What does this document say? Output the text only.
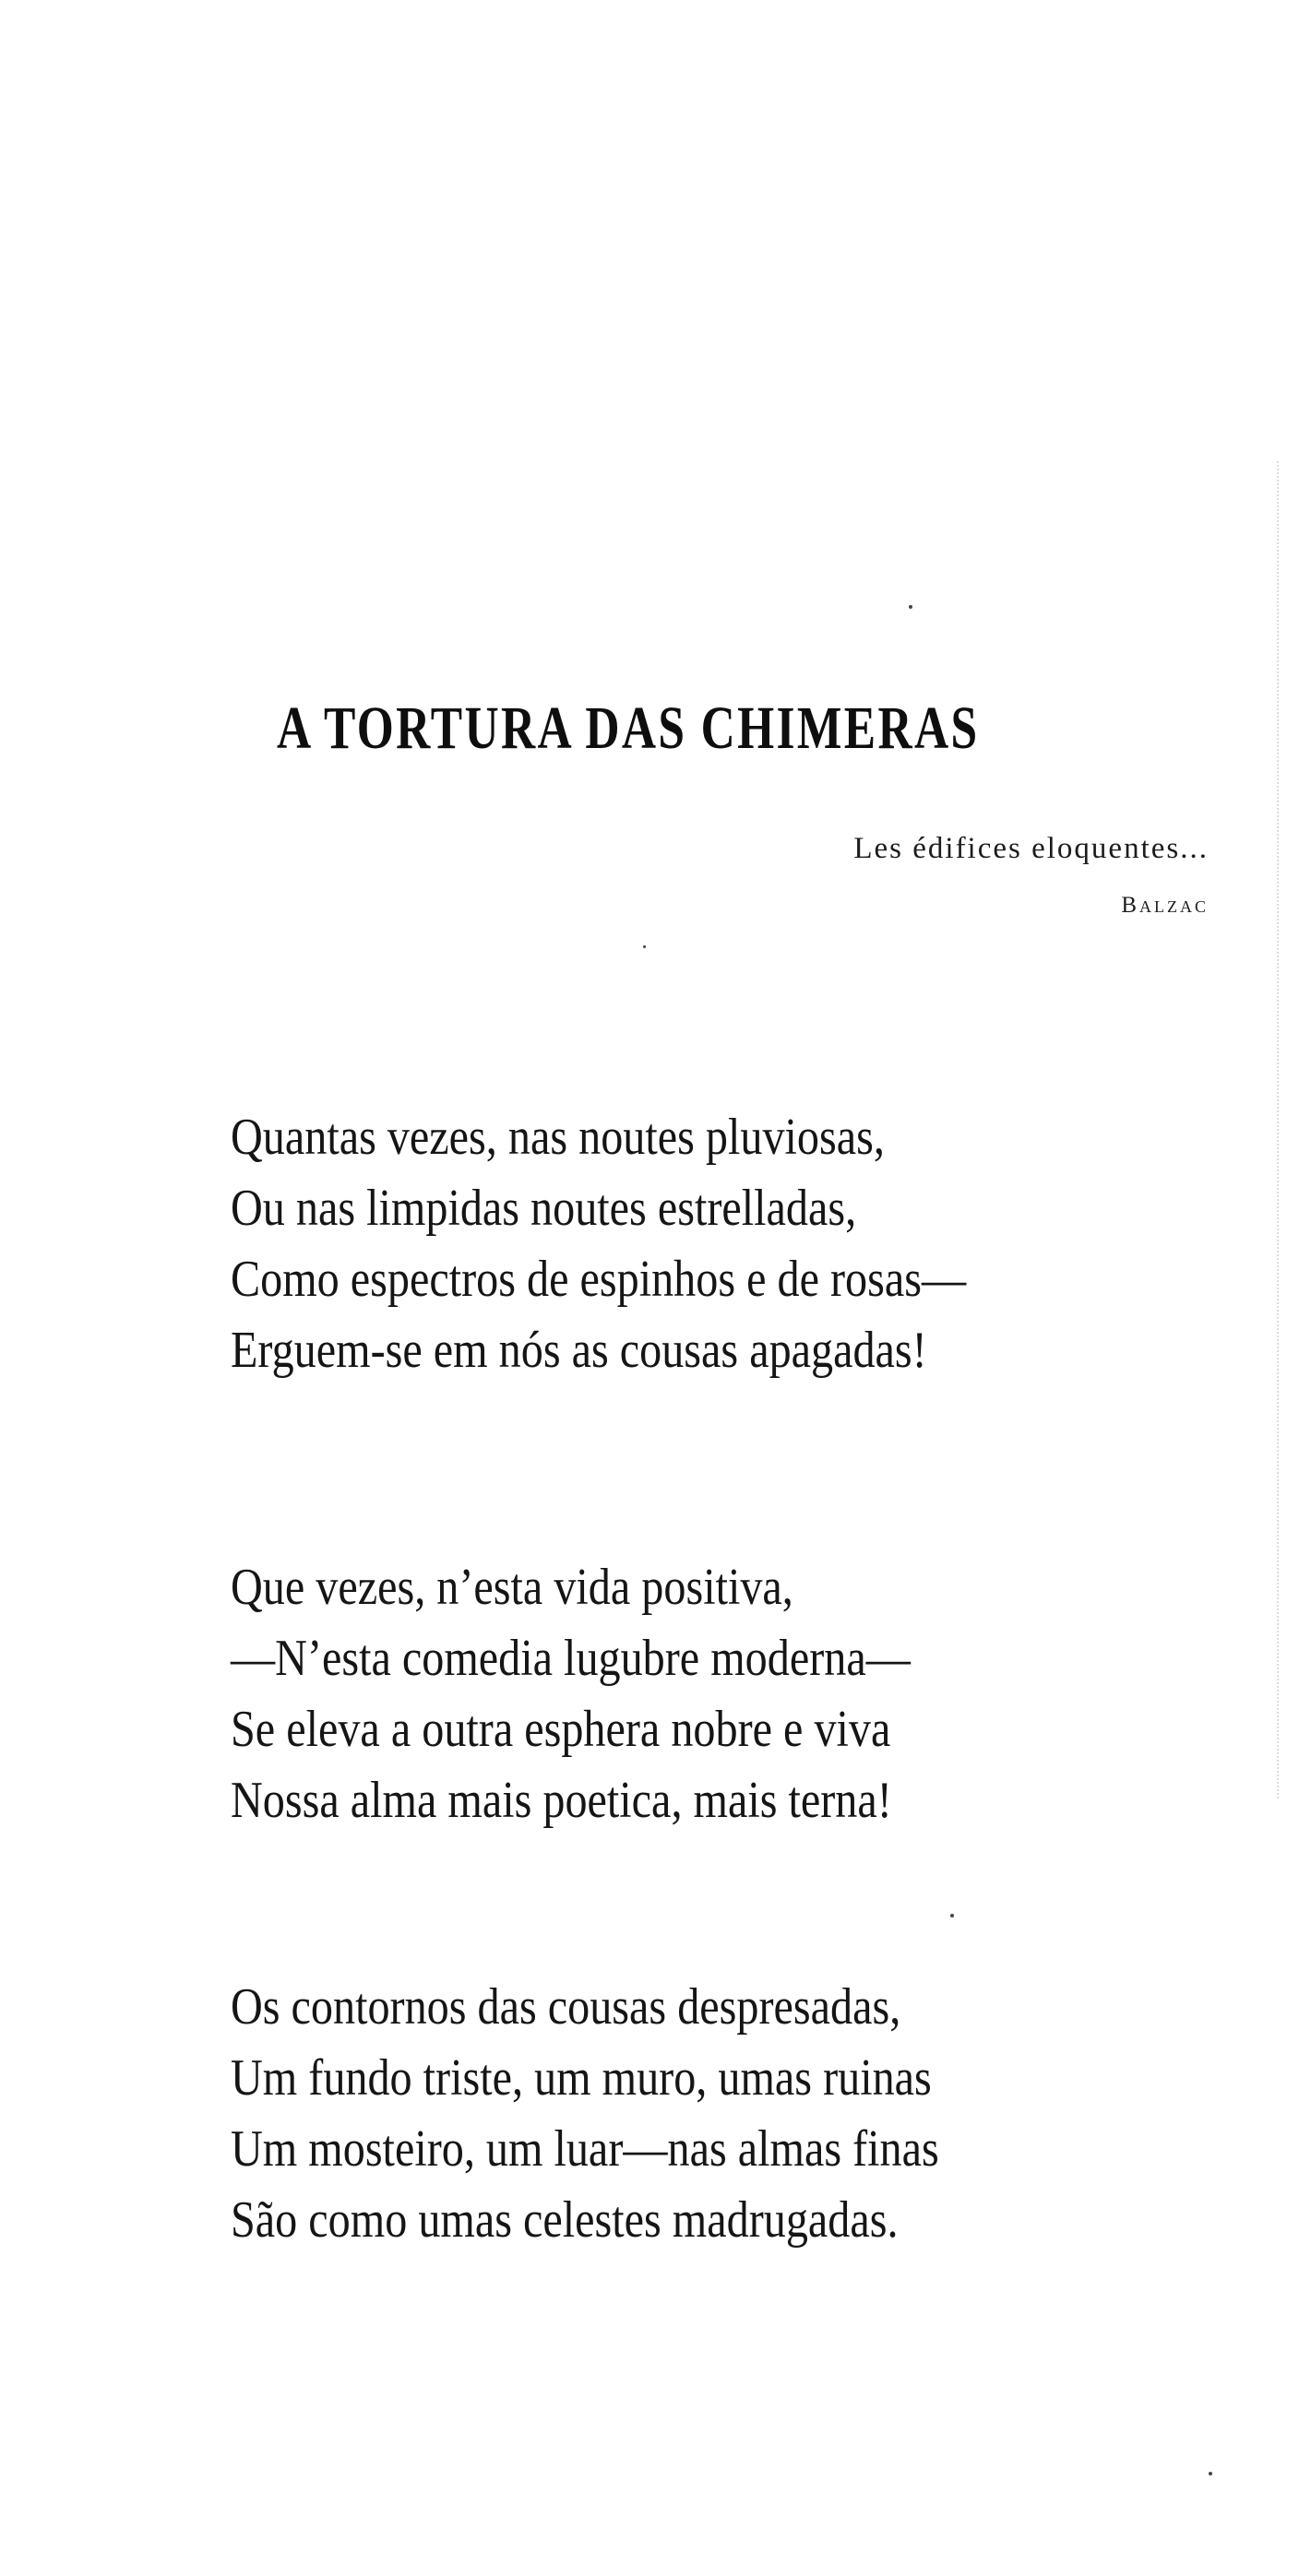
A TORTURA DAS CHIMERAS
Les édifices eloquentes...
Balzac
Quantas vezes, nas noutes pluviosas,
Ou nas limpidas noutes estrelladas,
Como espectros de espinhos e de rosas—
Erguem-se em nós as cousas apagadas!
Que vezes, n’esta vida positiva,
—N’esta comedia lugubre moderna—
Se eleva a outra esphera nobre e viva
Nossa alma mais poetica, mais terna!
Os contornos das cousas despresadas,
Um fundo triste, um muro, umas ruinas
Um mosteiro, um luar—nas almas finas
São como umas celestes madrugadas.
